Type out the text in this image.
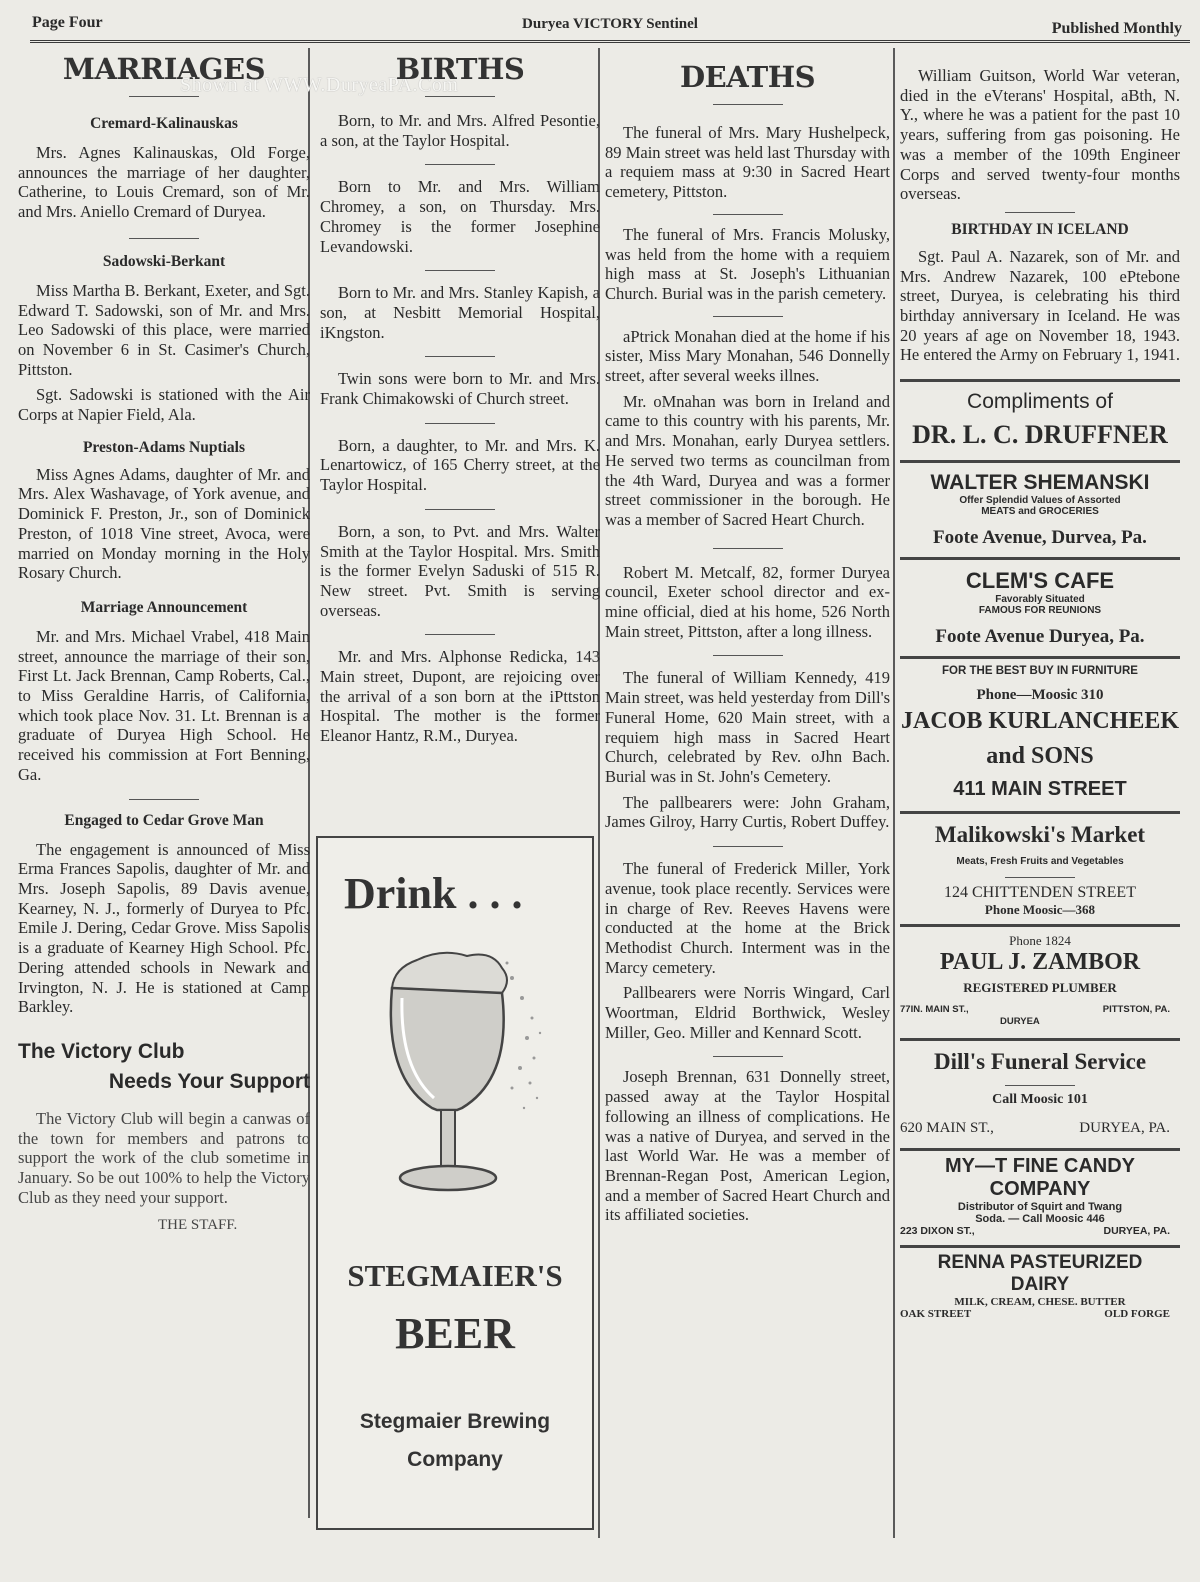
Page Four	Duryea VICTORY Sentinel	Published Monthly
MARRIAGES
Cremard-Kalinauskas

Mrs. Agnes Kalinauskas, Old Forge, announces the marriage of her daughter, Catherine, to Louis Cremard, son of Mr. and Mrs. Aniello Cremard of Duryea.

Sadowski-Berkant

Miss Martha B. Berkant, Exeter, and Sgt. Edward T. Sadowski, son of Mr. and Mrs. Leo Sadowski of this place, were married on November 6 in St. Casimer's Church, Pittston.

Sgt. Sadowski is stationed with the Air Corps at Napier Field, Ala.

Preston-Adams Nuptials

Miss Agnes Adams, daughter of Mr. and Mrs. Alex Washavage, of York avenue, and Dominick F. Preston, Jr., son of Dominick Preston, of 1018 Vine street, Avoca, were married on Monday morning in the Holy Rosary Church.

Marriage Announcement

Mr. and Mrs. Michael Vrabel, 418 Main street, announce the marriage of their son, First Lt. Jack Brennan, Camp Roberts, Cal., to Miss Geraldine Harris, of California, which took place Nov. 31. Lt. Brennan is a graduate of Duryea High School. He received his commission at Fort Benning, Ga.

Engaged to Cedar Grove Man

The engagement is announced of Miss Erma Frances Sapolis, daughter of Mr. and Mrs. Joseph Sapolis, 89 Davis avenue, Kearney, N. J., formerly of Duryea to Pfc. Emile J. Dering, Cedar Grove. Miss Sapolis is a graduate of Kearney High School. Pfc. Dering attended schools in Newark and Irvington, N. J. He is stationed at Camp Barkley.

The Victory Club
Needs Your Support

The Victory Club will begin a canwas of the town for members and patrons to support the work of the club sometime in January. So be out 100% to help the Victory Club as they need your support.

THE STAFF.
Shown at WWW.DuryeaPA.Com
BIRTHS

Born, to Mr. and Mrs. Alfred Pesontie, a son, at the Taylor Hospital.

Born to Mr. and Mrs. William Chromey, a son, on Thursday. Mrs. Chromey is the former Josephine Levandowski.

Born to Mr. and Mrs. Stanley Kapish, a son, at Nesbitt Memorial Hospital, iKngston.

Twin sons were born to Mr. and Mrs. Frank Chimakowski of Church street.

Born, a daughter, to Mr. and Mrs. K. Lenartowicz, of 165 Cherry street, at the Taylor Hospital.

Born, a son, to Pvt. and Mrs. Walter Smith at the Taylor Hospital. Mrs. Smith is the former Evelyn Saduski of 515 R. New street. Pvt. Smith is serving overseas.

Mr. and Mrs. Alphonse Redicka, 143 Main street, Dupont, are rejoicing over the arrival of a son born at the iPttston Hospital. The mother is the former Eleanor Hantz, R.M., Duryea.

Drink . . .
STEGMAIER'S
BEER
Stegmaier Brewing
Company
DEATHS

The funeral of Mrs. Mary Hushelpeck, 89 Main street was held last Thursday with a requiem mass at 9:30 in Sacred Heart cemetery, Pittston.

The funeral of Mrs. Francis Molusky, was held from the home with a requiem high mass at St. Joseph's Lithuanian Church. Burial was in the parish cemetery.

aPtrick Monahan died at the home if his sister, Miss Mary Monahan, 546 Donnelly street, after several weeks illnes.

Mr. oMnahan was born in Ireland and came to this country with his parents, Mr. and Mrs. Monahan, early Duryea settlers. He served two terms as councilman from the 4th Ward, Duryea and was a former street commissioner in the borough. He was a member of Sacred Heart Church.

Robert M. Metcalf, 82, former Duryea council, Exeter school director and ex-mine official, died at his home, 526 North Main street, Pittston, after a long illness.

The funeral of William Kennedy, 419 Main street, was held yesterday from Dill's Funeral Home, 620 Main street, with a requiem high mass in Sacred Heart Church, celebrated by Rev. oJhn Bach. Burial was in St. John's Cemetery.

The pallbearers were: John Graham, James Gilroy, Harry Curtis, Robert Duffey.

The funeral of Frederick Miller, York avenue, took place recently. Services were in charge of Rev. Reeves Havens were conducted at the home at the Brick Methodist Church. Interment was in the Marcy cemetery.

Pallbearers were Norris Wingard, Carl Woortman, Eldrid Borthwick, Wesley Miller, Geo. Miller and Kennard Scott.

Joseph Brennan, 631 Donnelly street, passed away at the Taylor Hospital following an illness of complications. He was a native of Duryea, and served in the last World War. He was a member of Brennan-Regan Post, American Legion, and a member of Sacred Heart Church and its affiliated societies.

William Guitson, World War veteran, died in the eVterans' Hospital, aBth, N. Y., where he was a patient for the past 10 years, suffering from gas poisoning. He was a member of the 109th Engineer Corps and served twenty-four months overseas.

BIRTHDAY IN ICELAND

Sgt. Paul A. Nazarek, son of Mr. and Mrs. Andrew Nazarek, 100 ePtebone street, Duryea, is celebrating his third birthday anniversary in Iceland. He was 20 years af age on November 18, 1943. He entered the Army on February 1, 1941.

Compliments of
DR. L. C. DRUFFNER
WALTER SHEMANSKI
Offer Splendid Values of Assorted
MEATS and GROCERIES
Foote Avenue, Durvea, Pa.
CLEM'S CAFE
Favorably Situated
FAMOUS FOR REUNIONS
Foote Avenue Duryea, Pa.
FOR THE BEST BUY IN FURNITURE
Phone—Moosic 310
JACOB KURLANCHEEK
and SONS
411 MAIN STREET
Malikowski's Market
Meats, Fresh Fruits and Vegetables
124 CHITTENDEN STREET
Phone Moosic—368
Phone 1824
PAUL J. ZAMBOR
REGISTERED PLUMBER
77IN. MAIN ST.,
DURYEA
PITTSTON, PA.
Dill's Funeral Service
Call Moosic 101
620 MAIN ST.,	DURYEA, PA.
MY—T FINE CANDY
COMPANY
Distributor of Squirt and Twang
Soda. — Call Moosic 446
223 DIXON ST.,	DURYEA, PA.
RENNA PASTEURIZED
DAIRY
MILK, CREAM, CHESE. BUTTER
OAK STREET	OLD FORGE
